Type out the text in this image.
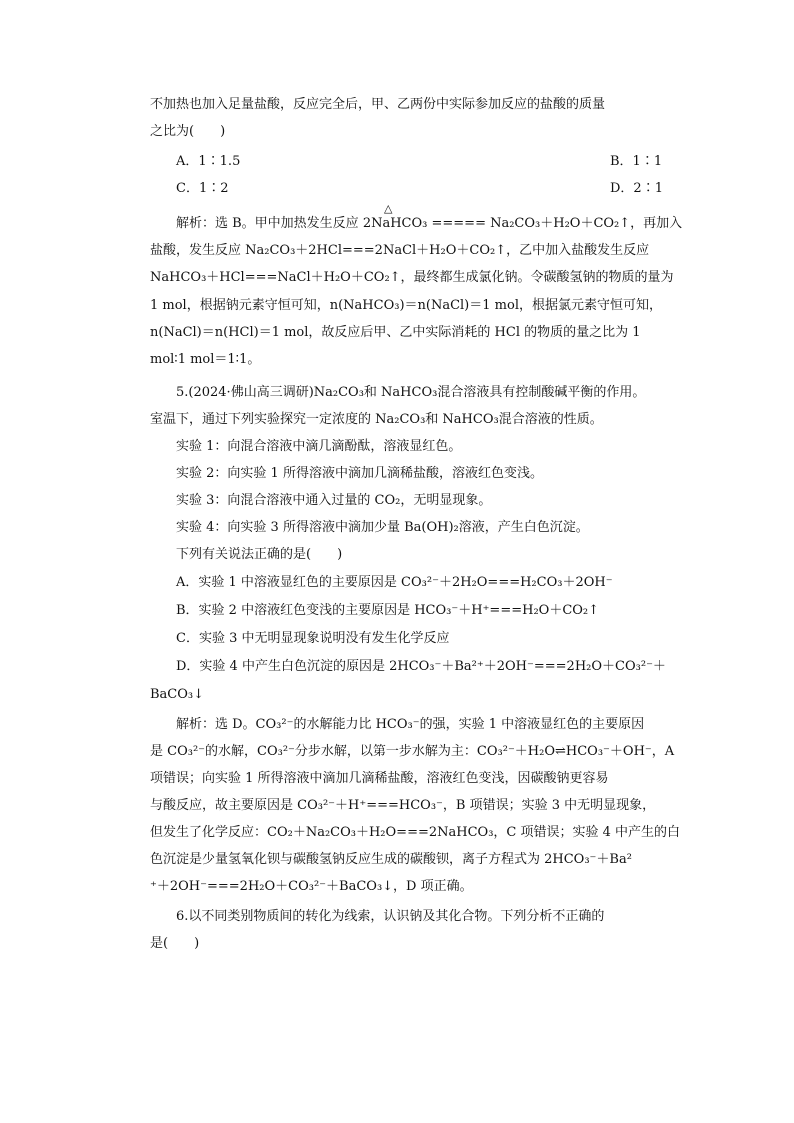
不加热也加入足量盐酸，反应完全后，甲、乙两份中实际参加反应的盐酸的质量
之比为(　　)
A．1∶1.5	B．1∶1
C．1∶2	D．2∶1
△
解析：选 B。甲中加热发生反应 2NaHCO₃ ===== Na₂CO₃＋H₂O＋CO₂↑，再加入
盐酸，发生反应 Na₂CO₃＋2HCl===2NaCl＋H₂O＋CO₂↑，乙中加入盐酸发生反应
NaHCO₃＋HCl===NaCl＋H₂O＋CO₂↑，最终都生成氯化钠。令碳酸氢钠的物质的量为
1 mol，根据钠元素守恒可知，n(NaHCO₃)＝n(NaCl)＝1 mol，根据氯元素守恒可知，
n(NaCl)＝n(HCl)＝1 mol，故反应后甲、乙中实际消耗的 HCl 的物质的量之比为 1
mol∶1 mol＝1∶1。
5.(2024·佛山高三调研)Na₂CO₃和 NaHCO₃混合溶液具有控制酸碱平衡的作用。
室温下，通过下列实验探究一定浓度的 Na₂CO₃和 NaHCO₃混合溶液的性质。
实验 1：向混合溶液中滴几滴酚酞，溶液显红色。
实验 2：向实验 1 所得溶液中滴加几滴稀盐酸，溶液红色变浅。
实验 3：向混合溶液中通入过量的 CO₂，无明显现象。
实验 4：向实验 3 所得溶液中滴加少量 Ba(OH)₂溶液，产生白色沉淀。
下列有关说法正确的是(　　)
A．实验 1 中溶液显红色的主要原因是 CO₃²⁻＋2H₂O===H₂CO₃＋2OH⁻
B．实验 2 中溶液红色变浅的主要原因是 HCO₃⁻＋H⁺===H₂O＋CO₂↑
C．实验 3 中无明显现象说明没有发生化学反应
D．实验 4 中产生白色沉淀的原因是 2HCO₃⁻＋Ba²⁺＋2OH⁻===2H₂O＋CO₃²⁻＋
BaCO₃↓
解析：选 D。CO₃²⁻的水解能力比 HCO₃⁻的强，实验 1 中溶液显红色的主要原因
是 CO₃²⁻的水解，CO₃²⁻分步水解，以第一步水解为主：CO₃²⁻＋H₂O⇌HCO₃⁻＋OH⁻，A
项错误；向实验 1 所得溶液中滴加几滴稀盐酸，溶液红色变浅，因碳酸钠更容易
与酸反应，故主要原因是 CO₃²⁻＋H⁺===HCO₃⁻，B 项错误；实验 3 中无明显现象，
但发生了化学反应：CO₂＋Na₂CO₃＋H₂O===2NaHCO₃，C 项错误；实验 4 中产生的白
色沉淀是少量氢氧化钡与碳酸氢钠反应生成的碳酸钡，离子方程式为 2HCO₃⁻＋Ba²
⁺＋2OH⁻===2H₂O＋CO₃²⁻＋BaCO₃↓，D 项正确。
6.以不同类别物质间的转化为线索，认识钠及其化合物。下列分析不正确的
是(　　)
